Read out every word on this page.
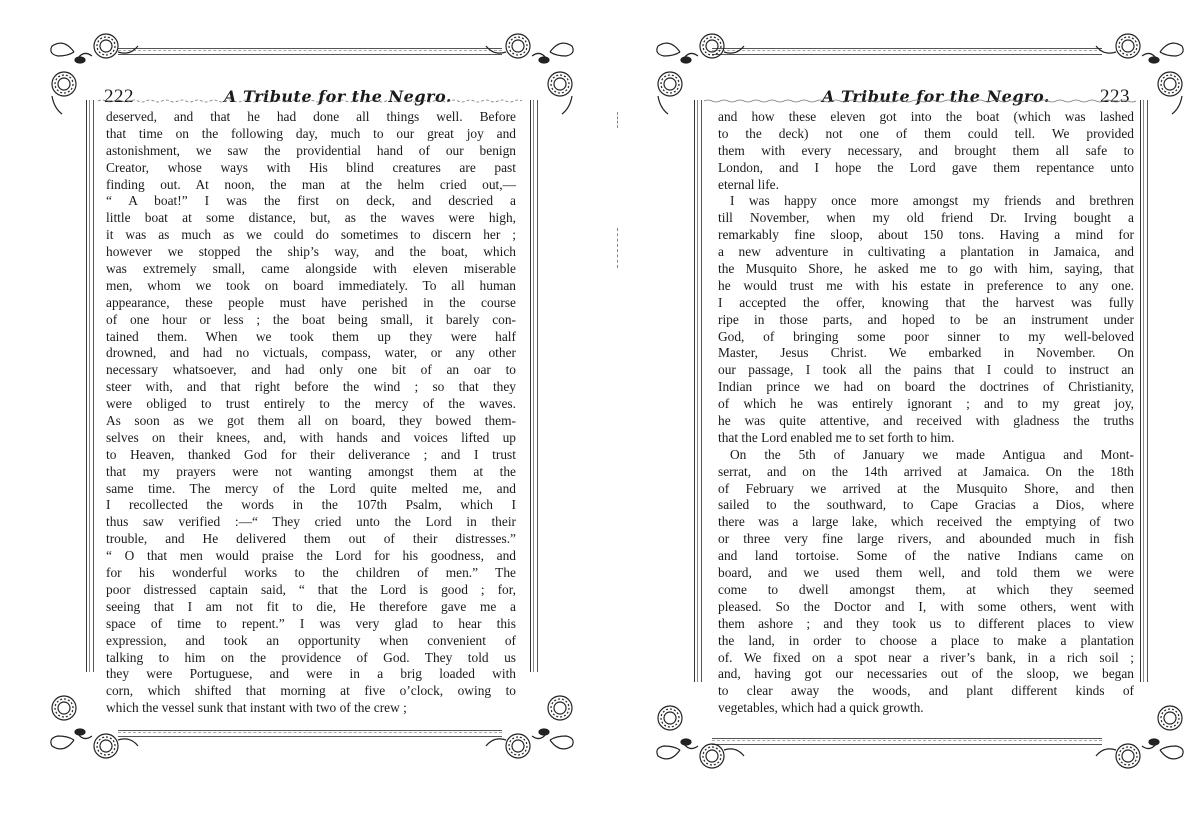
222	A Tribute for the Negro.
deserved, and that he had done all things well. Before
that time on the following day, much to our great joy and
astonishment, we saw the providential hand of our benign
Creator, whose ways with His blind creatures are past
finding out. At noon, the man at the helm cried out,—
“ A boat!” I was the first on deck, and descried a
little boat at some distance, but, as the waves were high,
it was as much as we could do sometimes to discern her ;
however we stopped the ship’s way, and the boat, which
was extremely small, came alongside with eleven miserable
men, whom we took on board immediately. To all human
appearance, these people must have perished in the course
of one hour or less ; the boat being small, it barely con-
tained them. When we took them up they were half
drowned, and had no victuals, compass, water, or any other
necessary whatsoever, and had only one bit of an oar to
steer with, and that right before the wind ; so that they
were obliged to trust entirely to the mercy of the waves.
As soon as we got them all on board, they bowed them-
selves on their knees, and, with hands and voices lifted up
to Heaven, thanked God for their deliverance ; and I trust
that my prayers were not wanting amongst them at the
same time. The mercy of the Lord quite melted me, and
I recollected the words in the 107th Psalm, which I
thus saw verified :—“ They cried unto the Lord in their
trouble, and He delivered them out of their distresses.”
“ O that men would praise the Lord for his goodness, and
for his wonderful works to the children of men.” The
poor distressed captain said, “ that the Lord is good ; for,
seeing that I am not fit to die, He therefore gave me a
space of time to repent.” I was very glad to hear this
expression, and took an opportunity when convenient of
talking to him on the providence of God. They told us
they were Portuguese, and were in a brig loaded with
corn, which shifted that morning at five o’clock, owing to
which the vessel sunk that instant with two of the crew ;
A Tribute for the Negro.	223
and how these eleven got into the boat (which was lashed
to the deck) not one of them could tell. We provided
them with every necessary, and brought them all safe to
London, and I hope the Lord gave them repentance unto
eternal life.
I was happy once more amongst my friends and brethren
till November, when my old friend Dr. Irving bought a
remarkably fine sloop, about 150 tons. Having a mind for
a new adventure in cultivating a plantation in Jamaica, and
the Musquito Shore, he asked me to go with him, saying, that
he would trust me with his estate in preference to any one.
I accepted the offer, knowing that the harvest was fully
ripe in those parts, and hoped to be an instrument under
God, of bringing some poor sinner to my well-beloved
Master, Jesus Christ. We embarked in November. On
our passage, I took all the pains that I could to instruct an
Indian prince we had on board the doctrines of Christianity,
of which he was entirely ignorant ; and to my great joy,
he was quite attentive, and received with gladness the truths
that the Lord enabled me to set forth to him.
On the 5th of January we made Antigua and Mont-
serrat, and on the 14th arrived at Jamaica. On the 18th
of February we arrived at the Musquito Shore, and then
sailed to the southward, to Cape Gracias a Dios, where
there was a large lake, which received the emptying of two
or three very fine large rivers, and abounded much in fish
and land tortoise. Some of the native Indians came on
board, and we used them well, and told them we were
come to dwell amongst them, at which they seemed
pleased. So the Doctor and I, with some others, went with
them ashore ; and they took us to different places to view
the land, in order to choose a place to make a plantation
of. We fixed on a spot near a river’s bank, in a rich soil ;
and, having got our necessaries out of the sloop, we began
to clear away the woods, and plant different kinds of
vegetables, which had a quick growth.
